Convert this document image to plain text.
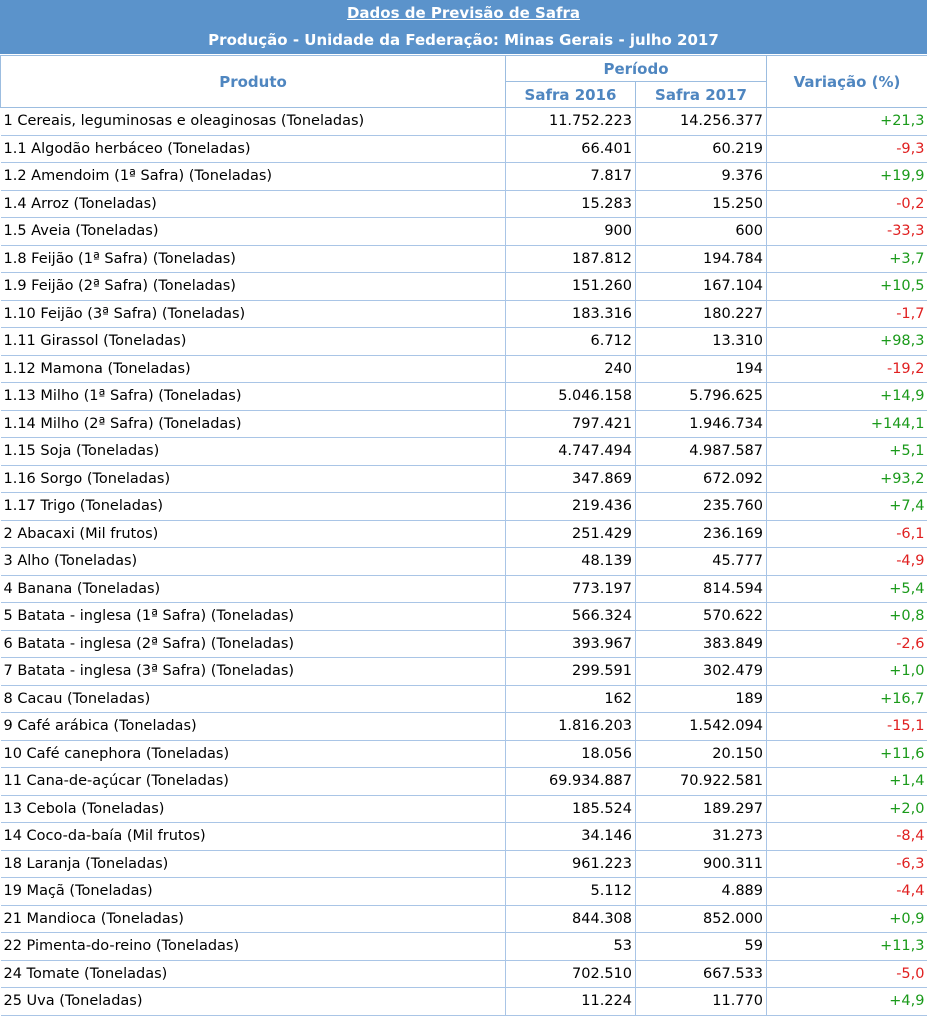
Dados de Previsão de Safra
Produção - Unidade da Federação: Minas Gerais - julho 2017
Produto	Período		Variação (%)
	Safra 2016	Safra 2017	
1 Cereais, leguminosas e oleaginosas (Toneladas)	11.752.223	14.256.377	+21,3
1.1 Algodão herbáceo (Toneladas)	66.401	60.219	-9,3
1.2 Amendoim (1ª Safra) (Toneladas)	7.817	9.376	+19,9
1.4 Arroz (Toneladas)	15.283	15.250	-0,2
1.5 Aveia (Toneladas)	900	600	-33,3
1.8 Feijão (1ª Safra) (Toneladas)	187.812	194.784	+3,7
1.9 Feijão (2ª Safra) (Toneladas)	151.260	167.104	+10,5
1.10 Feijão (3ª Safra) (Toneladas)	183.316	180.227	-1,7
1.11 Girassol (Toneladas)	6.712	13.310	+98,3
1.12 Mamona (Toneladas)	240	194	-19,2
1.13 Milho (1ª Safra) (Toneladas)	5.046.158	5.796.625	+14,9
1.14 Milho (2ª Safra) (Toneladas)	797.421	1.946.734	+144,1
1.15 Soja (Toneladas)	4.747.494	4.987.587	+5,1
1.16 Sorgo (Toneladas)	347.869	672.092	+93,2
1.17 Trigo (Toneladas)	219.436	235.760	+7,4
2 Abacaxi (Mil frutos)	251.429	236.169	-6,1
3 Alho (Toneladas)	48.139	45.777	-4,9
4 Banana (Toneladas)	773.197	814.594	+5,4
5 Batata - inglesa (1ª Safra) (Toneladas)	566.324	570.622	+0,8
6 Batata - inglesa (2ª Safra) (Toneladas)	393.967	383.849	-2,6
7 Batata - inglesa (3ª Safra) (Toneladas)	299.591	302.479	+1,0
8 Cacau (Toneladas)	162	189	+16,7
9 Café arábica (Toneladas)	1.816.203	1.542.094	-15,1
10 Café canephora (Toneladas)	18.056	20.150	+11,6
11 Cana-de-açúcar (Toneladas)	69.934.887	70.922.581	+1,4
13 Cebola (Toneladas)	185.524	189.297	+2,0
14 Coco-da-baía (Mil frutos)	34.146	31.273	-8,4
18 Laranja (Toneladas)	961.223	900.311	-6,3
19 Maçã (Toneladas)	5.112	4.889	-4,4
21 Mandioca (Toneladas)	844.308	852.000	+0,9
22 Pimenta-do-reino (Toneladas)	53	59	+11,3
24 Tomate (Toneladas)	702.510	667.533	-5,0
25 Uva (Toneladas)	11.224	11.770	+4,9
